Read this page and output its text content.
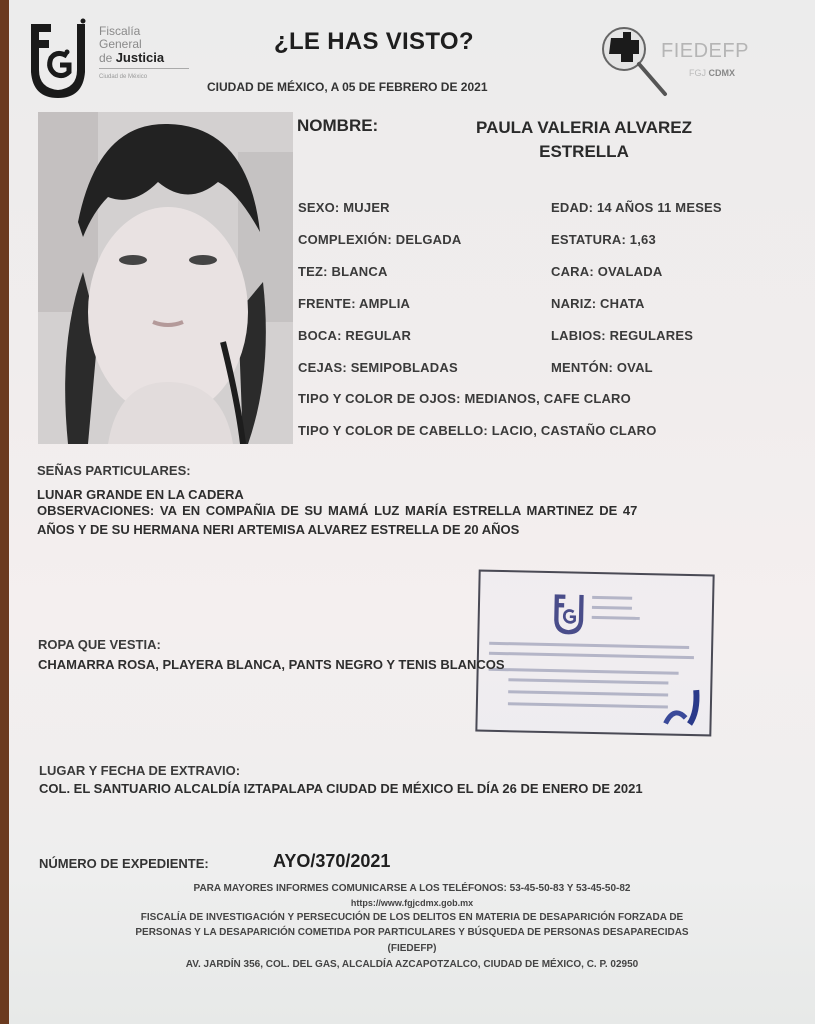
Fiscalía
General
de Justicia
Ciudad de México
¿LE HAS VISTO?
CIUDAD DE MÉXICO, A 05 DE FEBRERO DE 2021
FIEDEFP
FGJ CDMX
NOMBRE:	PAULA VALERIA ALVAREZ
ESTRELLA
SEXO: MUJER
COMPLEXIÓN: DELGADA
TEZ: BLANCA
FRENTE: AMPLIA
BOCA: REGULAR
CEJAS: SEMIPOBLADAS
EDAD: 14 AÑOS 11 MESES
ESTATURA: 1,63
CARA: OVALADA
NARIZ: CHATA
LABIOS: REGULARES
MENTÓN: OVAL
TIPO Y COLOR DE OJOS: MEDIANOS, CAFE CLARO
TIPO Y COLOR DE CABELLO: LACIO, CASTAÑO CLARO
SEÑAS PARTICULARES:
LUNAR GRANDE EN LA CADERA
OBSERVACIONES: VA EN COMPAÑIA DE SU MAMÁ LUZ MARÍA ESTRELLA MARTINEZ DE 47
AÑOS Y DE SU HERMANA NERI ARTEMISA ALVAREZ ESTRELLA DE 20 AÑOS
ROPA QUE VESTIA:
CHAMARRA ROSA, PLAYERA BLANCA, PANTS NEGRO Y TENIS BLANCOS
LUGAR Y FECHA DE EXTRAVIO:
COL. EL SANTUARIO ALCALDÍA IZTAPALAPA CIUDAD DE MÉXICO EL DÍA 26 DE ENERO DE 2021
NÚMERO DE EXPEDIENTE:	AYO/370/2021
PARA MAYORES INFORMES COMUNICARSE A LOS TELÉFONOS: 53-45-50-83 Y 53-45-50-82
https://www.fgjcdmx.gob.mx
FISCALÍA DE INVESTIGACIÓN Y PERSECUCIÓN DE LOS DELITOS EN MATERIA DE DESAPARICIÓN FORZADA DE
PERSONAS Y LA DESAPARICIÓN COMETIDA POR PARTICULARES Y BÚSQUEDA DE PERSONAS DESAPARECIDAS
(FIEDEFP)
AV. JARDÍN 356, COL. DEL GAS, ALCALDÍA AZCAPOTZALCO, CIUDAD DE MÉXICO, C. P. 02950
